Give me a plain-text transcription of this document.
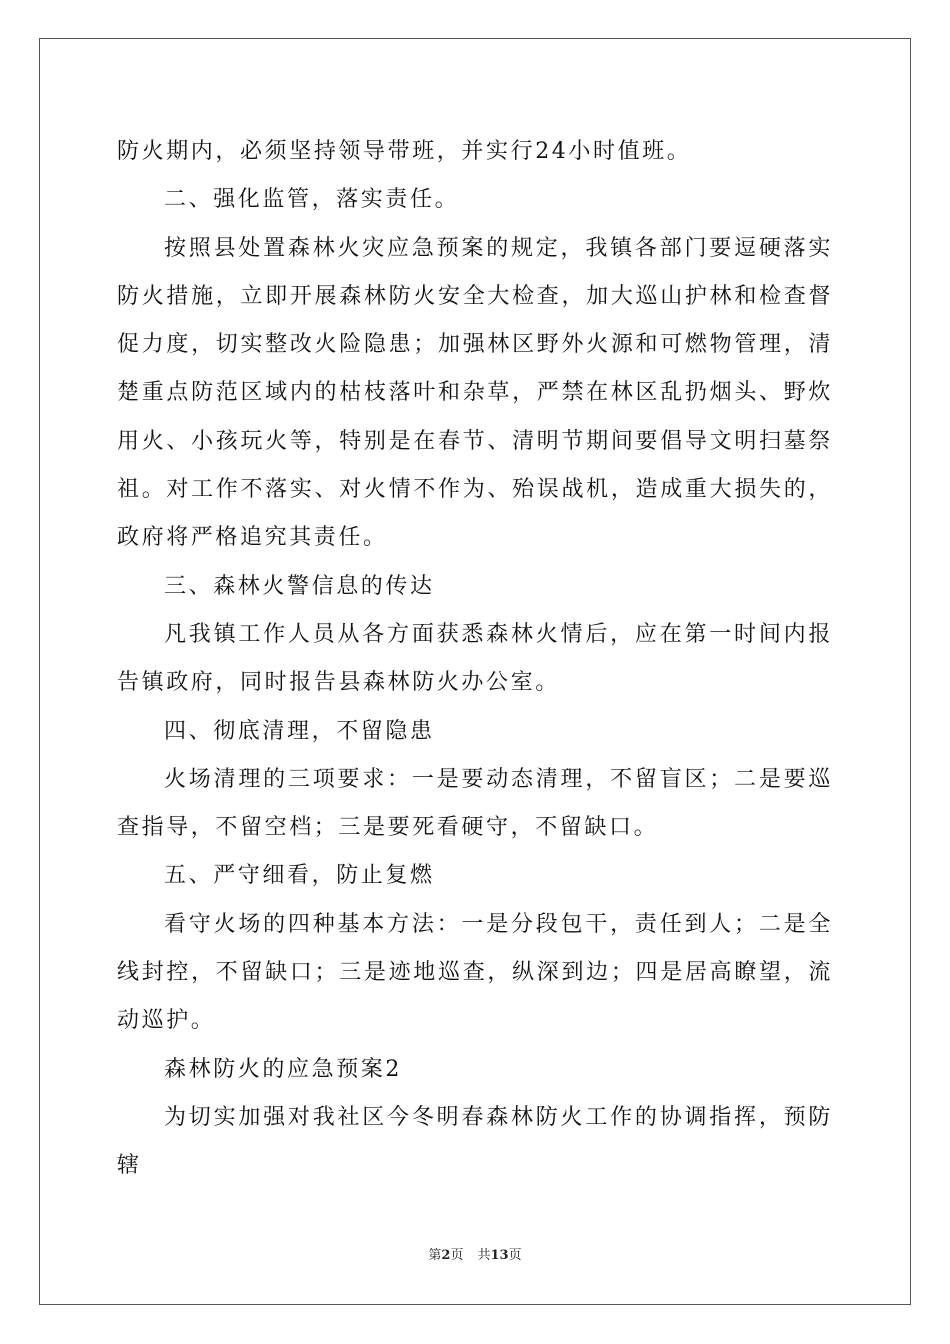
防火期内，必须坚持领导带班，并实行24小时值班。

二、强化监管，落实责任。

按照县处置森林火灾应急预案的规定，我镇各部门要逗硬落实防火措施，立即开展森林防火安全大检查，加大巡山护林和检查督促力度，切实整改火险隐患；加强林区野外火源和可燃物管理，清楚重点防范区域内的枯枝落叶和杂草，严禁在林区乱扔烟头、野炊用火、小孩玩火等，特别是在春节、清明节期间要倡导文明扫墓祭祖。对工作不落实、对火情不作为、殆误战机，造成重大损失的，政府将严格追究其责任。

三、森林火警信息的传达

凡我镇工作人员从各方面获悉森林火情后，应在第一时间内报告镇政府，同时报告县森林防火办公室。

四、彻底清理，不留隐患

火场清理的三项要求：一是要动态清理，不留盲区；二是要巡查指导，不留空档；三是要死看硬守，不留缺口。

五、严守细看，防止复燃

看守火场的四种基本方法：一是分段包干，责任到人；二是全线封控，不留缺口；三是迹地巡查，纵深到边；四是居高瞭望，流动巡护。

森林防火的应急预案2

为切实加强对我社区今冬明春森林防火工作的协调指挥，预防辖

第2页 共13页
